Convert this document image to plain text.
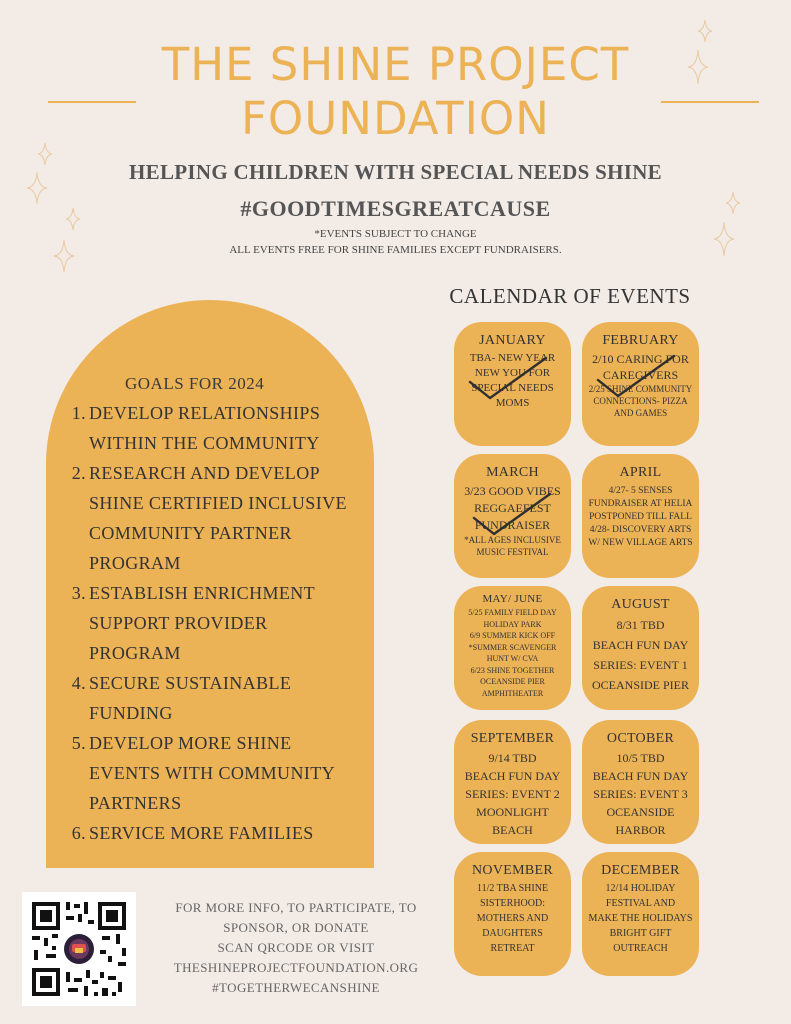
THE SHINE PROJECT
FOUNDATION
HELPING CHILDREN WITH SPECIAL NEEDS SHINE
#GOODTIMESGREATCAUSE
*EVENTS SUBJECT TO CHANGE
ALL EVENTS FREE FOR SHINE FAMILIES EXCEPT FUNDRAISERS.
GOALS FOR 2024
1. DEVELOP RELATIONSHIPS WITHIN THE COMMUNITY
2. RESEARCH AND DEVELOP SHINE CERTIFIED INCLUSIVE COMMUNITY PARTNER PROGRAM
3. ESTABLISH ENRICHMENT SUPPORT PROVIDER PROGRAM
4. SECURE SUSTAINABLE FUNDING
5. DEVELOP MORE SHINE EVENTS WITH COMMUNITY PARTNERS
6. SERVICE MORE FAMILIES
CALENDAR OF EVENTS
JANUARY
TBA- NEW YEAR
NEW YOU FOR
SPECIAL NEEDS
MOMS
FEBRUARY
2/10 CARING FOR
CAREGIVERS
2/25 SHINE COMMUNITY
CONNECTIONS- PIZZA
AND GAMES
MARCH
3/23 GOOD VIBES
REGGAEFEST
FUNDRAISER
*ALL AGES INCLUSIVE
MUSIC FESTIVAL
APRIL
4/27- 5 SENSES
FUNDRAISER AT HELIA
POSTPONED TILL FALL
4/28- DISCOVERY ARTS
W/ NEW VILLAGE ARTS
MAY/ JUNE
5/25 FAMILY FIELD DAY
HOLIDAY PARK
6/9 SUMMER KICK OFF
*SUMMER SCAVENGER
HUNT W/ CVA
6/23 SHINE TOGETHER
OCEANSIDE PIER
AMPHITHEATER
AUGUST
8/31 TBD
BEACH FUN DAY
SERIES: EVENT 1
OCEANSIDE PIER
SEPTEMBER
9/14 TBD
BEACH FUN DAY
SERIES: EVENT 2
MOONLIGHT
BEACH
OCTOBER
10/5 TBD
BEACH FUN DAY
SERIES: EVENT 3
OCEANSIDE
HARBOR
NOVEMBER
11/2 TBA SHINE
SISTERHOOD:
MOTHERS AND
DAUGHTERS
RETREAT
DECEMBER
12/14 HOLIDAY
FESTIVAL AND
MAKE THE HOLIDAYS
BRIGHT GIFT
OUTREACH
FOR MORE INFO, TO PARTICIPATE, TO
SPONSOR, OR DONATE
SCAN QRCODE OR VISIT
THESHINEPROJECTFOUNDATION.ORG
#TOGETHERWECANSHINE
